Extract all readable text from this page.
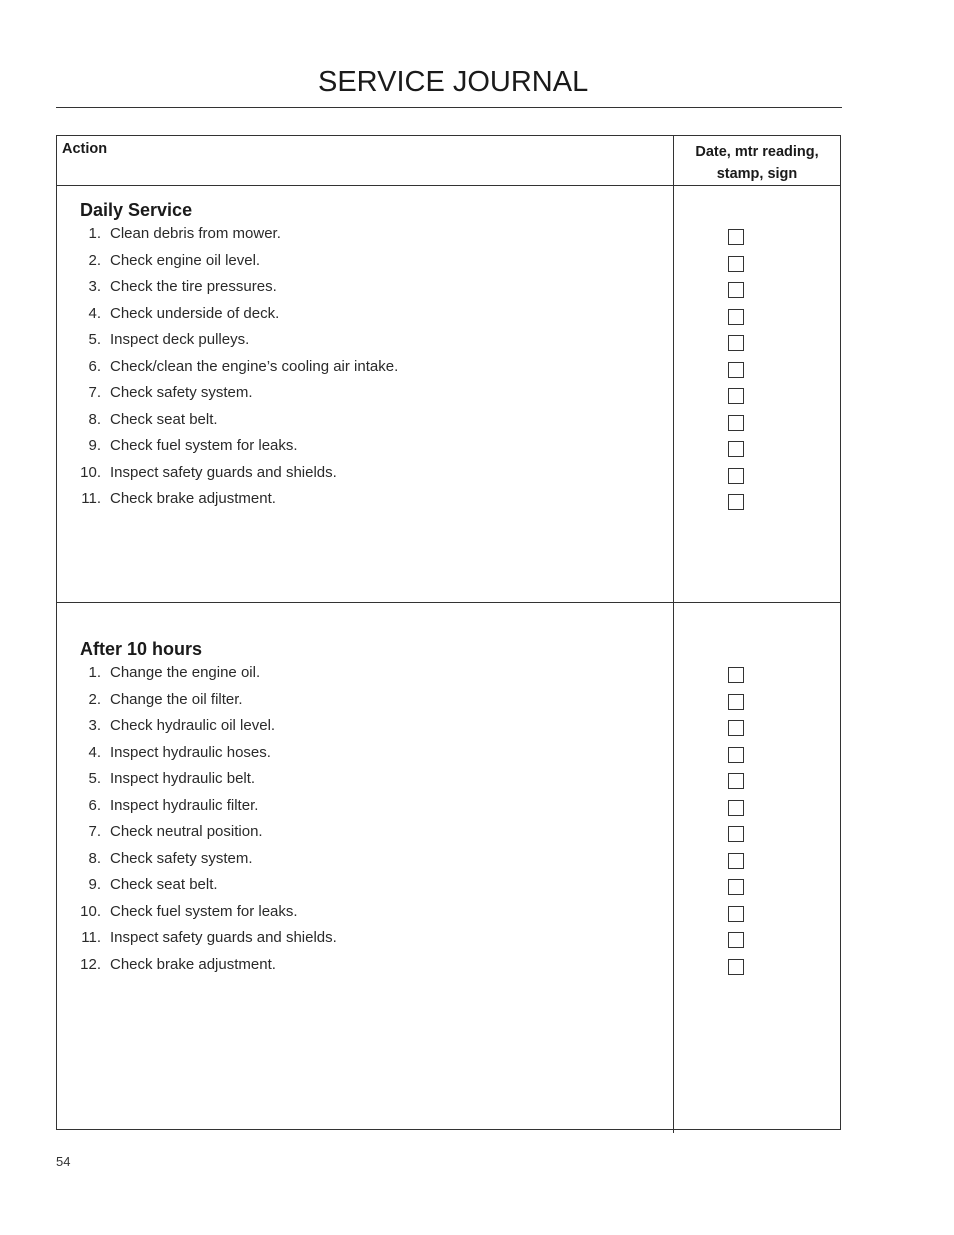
SERVICE JOURNAL
Action	Date, mtr reading,
stamp, sign
Daily Service
1. Clean debris from mower.
2. Check engine oil level.
3. Check the tire pressures.
4. Check underside of deck.
5. Inspect deck pulleys.
6. Check/clean the engine’s cooling air intake.
7. Check safety system.
8. Check seat belt.
9. Check fuel system for leaks.
10. Inspect safety guards and shields.
11. Check brake adjustment.
After 10 hours
1. Change the engine oil.
2. Change the oil filter.
3. Check hydraulic oil level.
4. Inspect hydraulic hoses.
5. Inspect hydraulic belt.
6. Inspect hydraulic filter.
7. Check neutral position.
8. Check safety system.
9. Check seat belt.
10. Check fuel system for leaks.
11. Inspect safety guards and shields.
12. Check brake adjustment.
54
